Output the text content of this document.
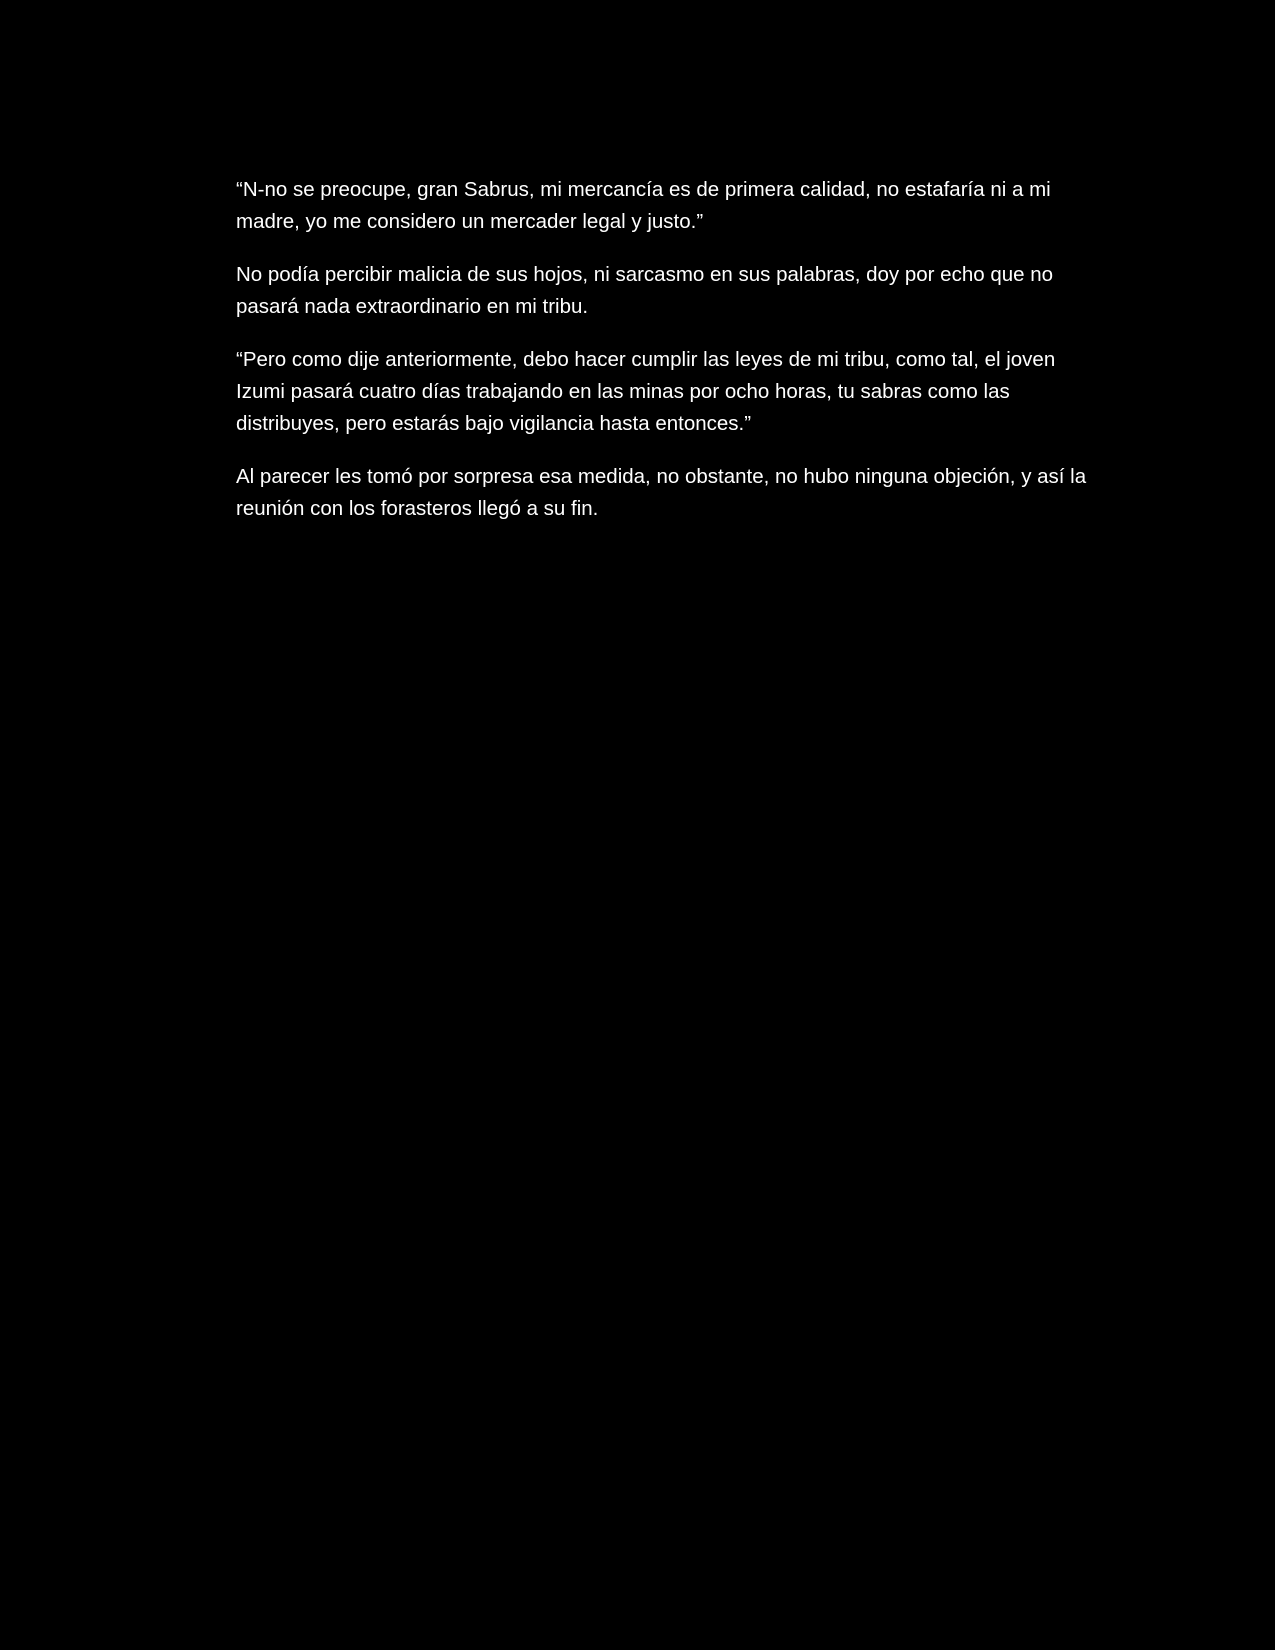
“N-no se preocupe, gran Sabrus, mi mercancía es de primera calidad, no estafaría ni a mi madre, yo me considero un mercader legal y justo.”

No podía percibir malicia de sus hojos, ni sarcasmo en sus palabras, doy por echo que no pasará nada extraordinario en mi tribu.

“Pero como dije anteriormente, debo hacer cumplir las leyes de mi tribu, como tal, el joven Izumi pasará cuatro días trabajando en las minas por ocho horas, tu sabras como las distribuyes, pero estarás bajo vigilancia hasta entonces.”

Al parecer les tomó por sorpresa esa medida, no obstante, no hubo ninguna objeción, y así la reunión con los forasteros llegó a su fin.
